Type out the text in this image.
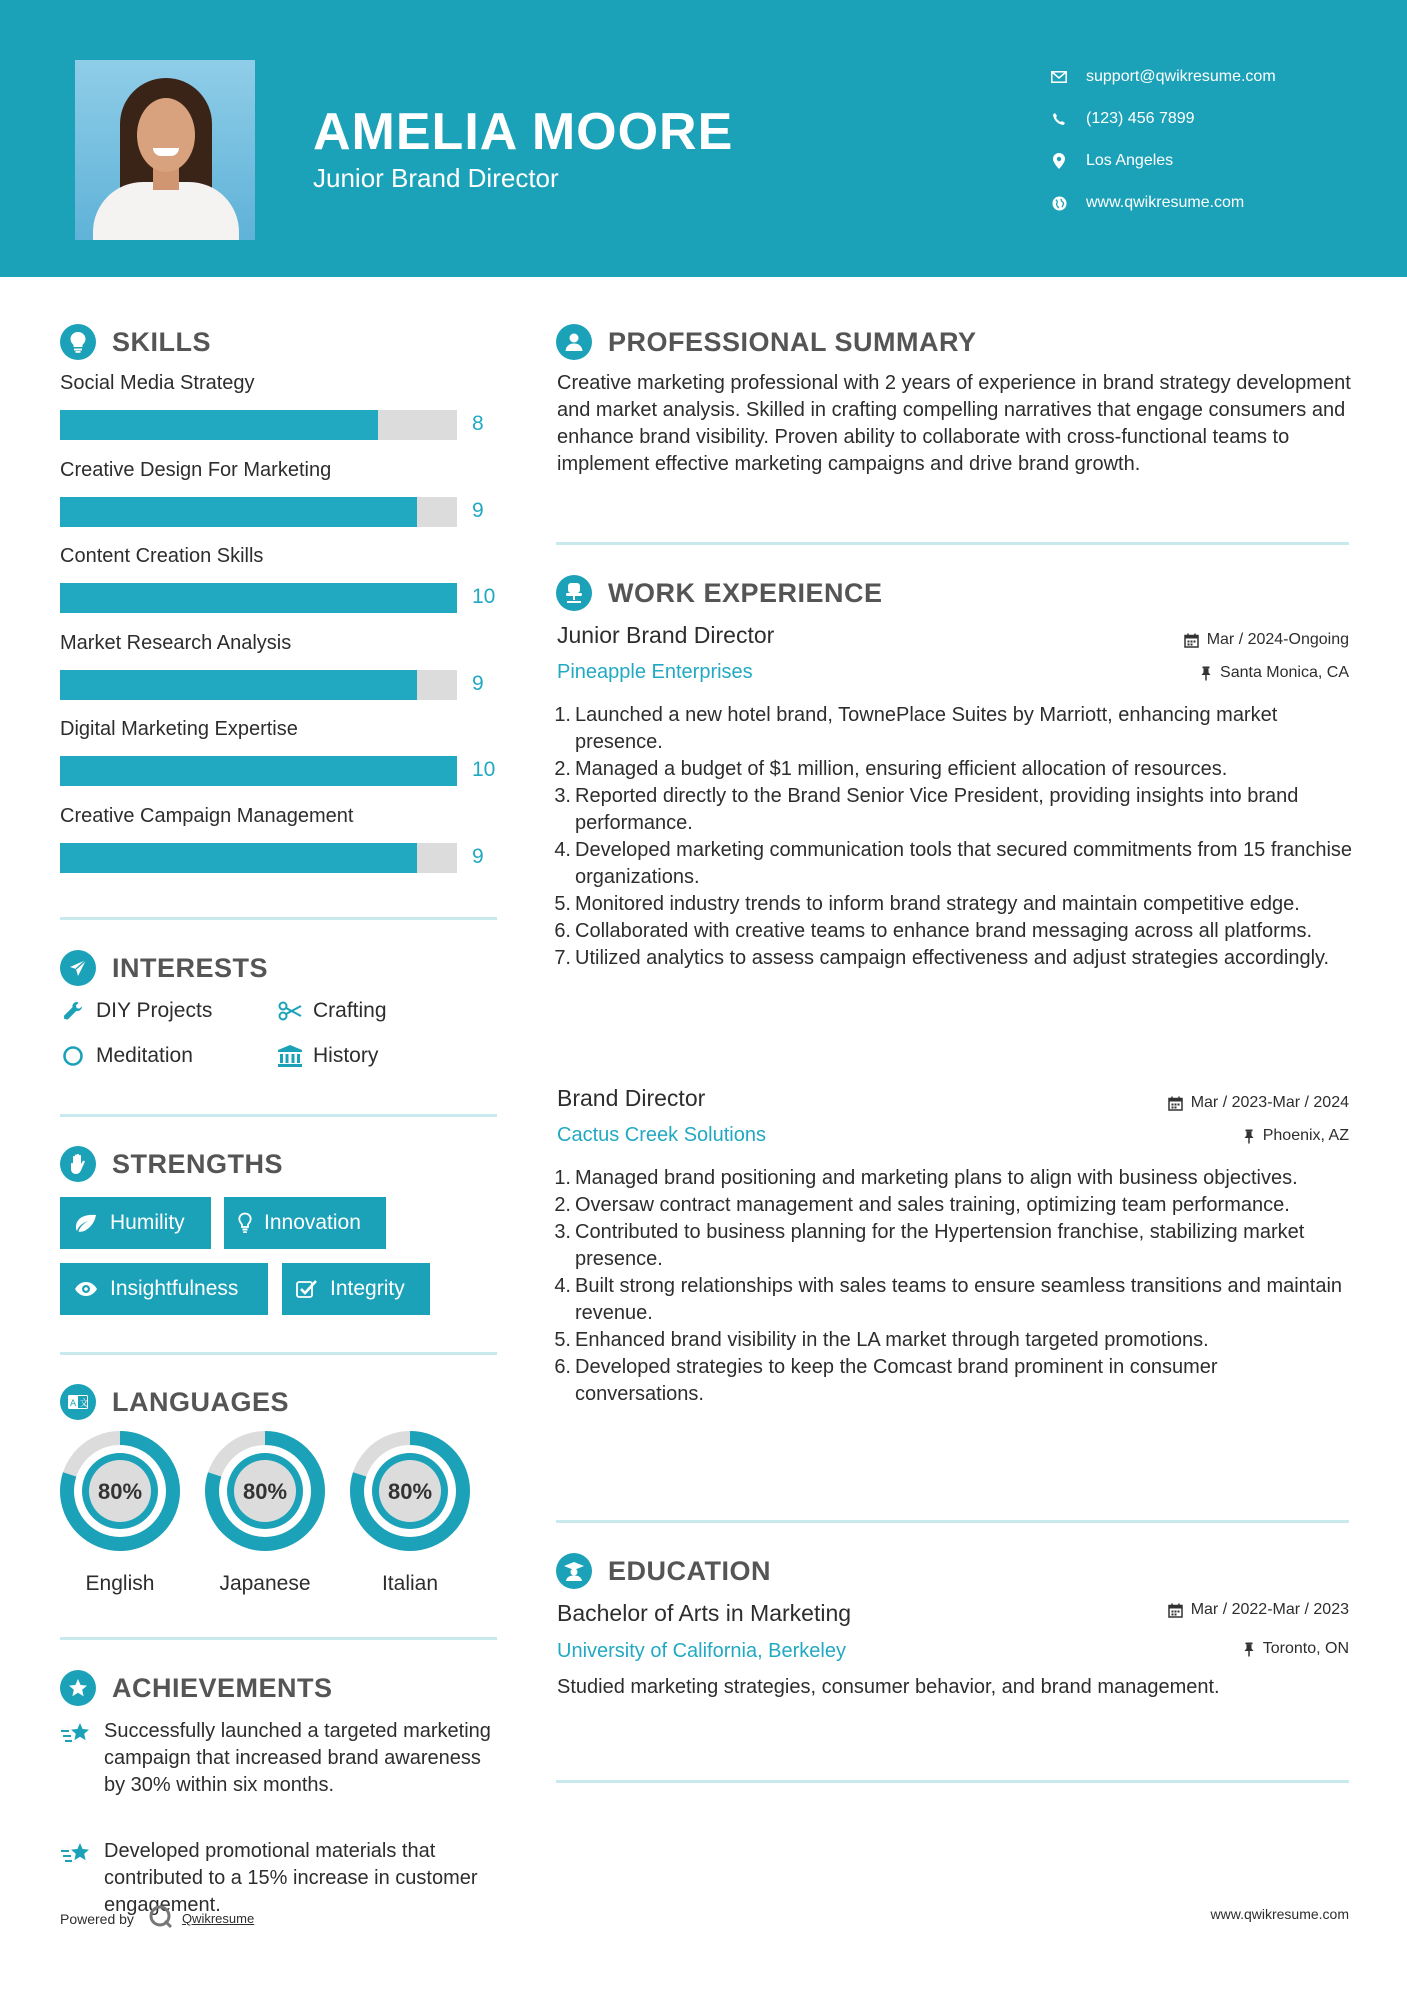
AMELIA MOORE
Junior Brand Director
support@qwikresume.com
(123) 456 7899
Los Angeles
www.qwikresume.com
SKILLS
Social Media Strategy
8
Creative Design For Marketing
9
Content Creation Skills
10
Market Research Analysis
9
Digital Marketing Expertise
10
Creative Campaign Management
9
INTERESTS
DIY Projects	Crafting
Meditation	History
STRENGTHS
Humility	Innovation
Insightfulness	Integrity
A 文 LANGUAGES
80%
English
80%
Japanese
80%
Italian
ACHIEVEMENTS
Successfully launched a targeted marketing campaign that increased brand awareness by 30% within six months.
Developed promotional materials that contributed to a 15% increase in customer engagement.
PROFESSIONAL SUMMARY
Creative marketing professional with 2 years of experience in brand strategy development and market analysis. Skilled in crafting compelling narratives that engage consumers and enhance brand visibility. Proven ability to collaborate with cross-functional teams to implement effective marketing campaigns and drive brand growth.
WORK EXPERIENCE
Junior Brand Director	Mar / 2024-Ongoing
Pineapple Enterprises	Santa Monica, CA
1. Launched a new hotel brand, TownePlace Suites by Marriott, enhancing market presence.
2. Managed a budget of $1 million, ensuring efficient allocation of resources.
3. Reported directly to the Brand Senior Vice President, providing insights into brand performance.
4. Developed marketing communication tools that secured commitments from 15 franchise organizations.
5. Monitored industry trends to inform brand strategy and maintain competitive edge.
6. Collaborated with creative teams to enhance brand messaging across all platforms.
7. Utilized analytics to assess campaign effectiveness and adjust strategies accordingly.
Brand Director	Mar / 2023-Mar / 2024
Cactus Creek Solutions	Phoenix, AZ
1. Managed brand positioning and marketing plans to align with business objectives.
2. Oversaw contract management and sales training, optimizing team performance.
3. Contributed to business planning for the Hypertension franchise, stabilizing market presence.
4. Built strong relationships with sales teams to ensure seamless transitions and maintain revenue.
5. Enhanced brand visibility in the LA market through targeted promotions.
6. Developed strategies to keep the Comcast brand prominent in consumer conversations.
EDUCATION
Bachelor of Arts in Marketing	Mar / 2022-Mar / 2023
University of California, Berkeley	Toronto, ON
Studied marketing strategies, consumer behavior, and brand management.
Powered by	Qwikresume	www.qwikresume.com
